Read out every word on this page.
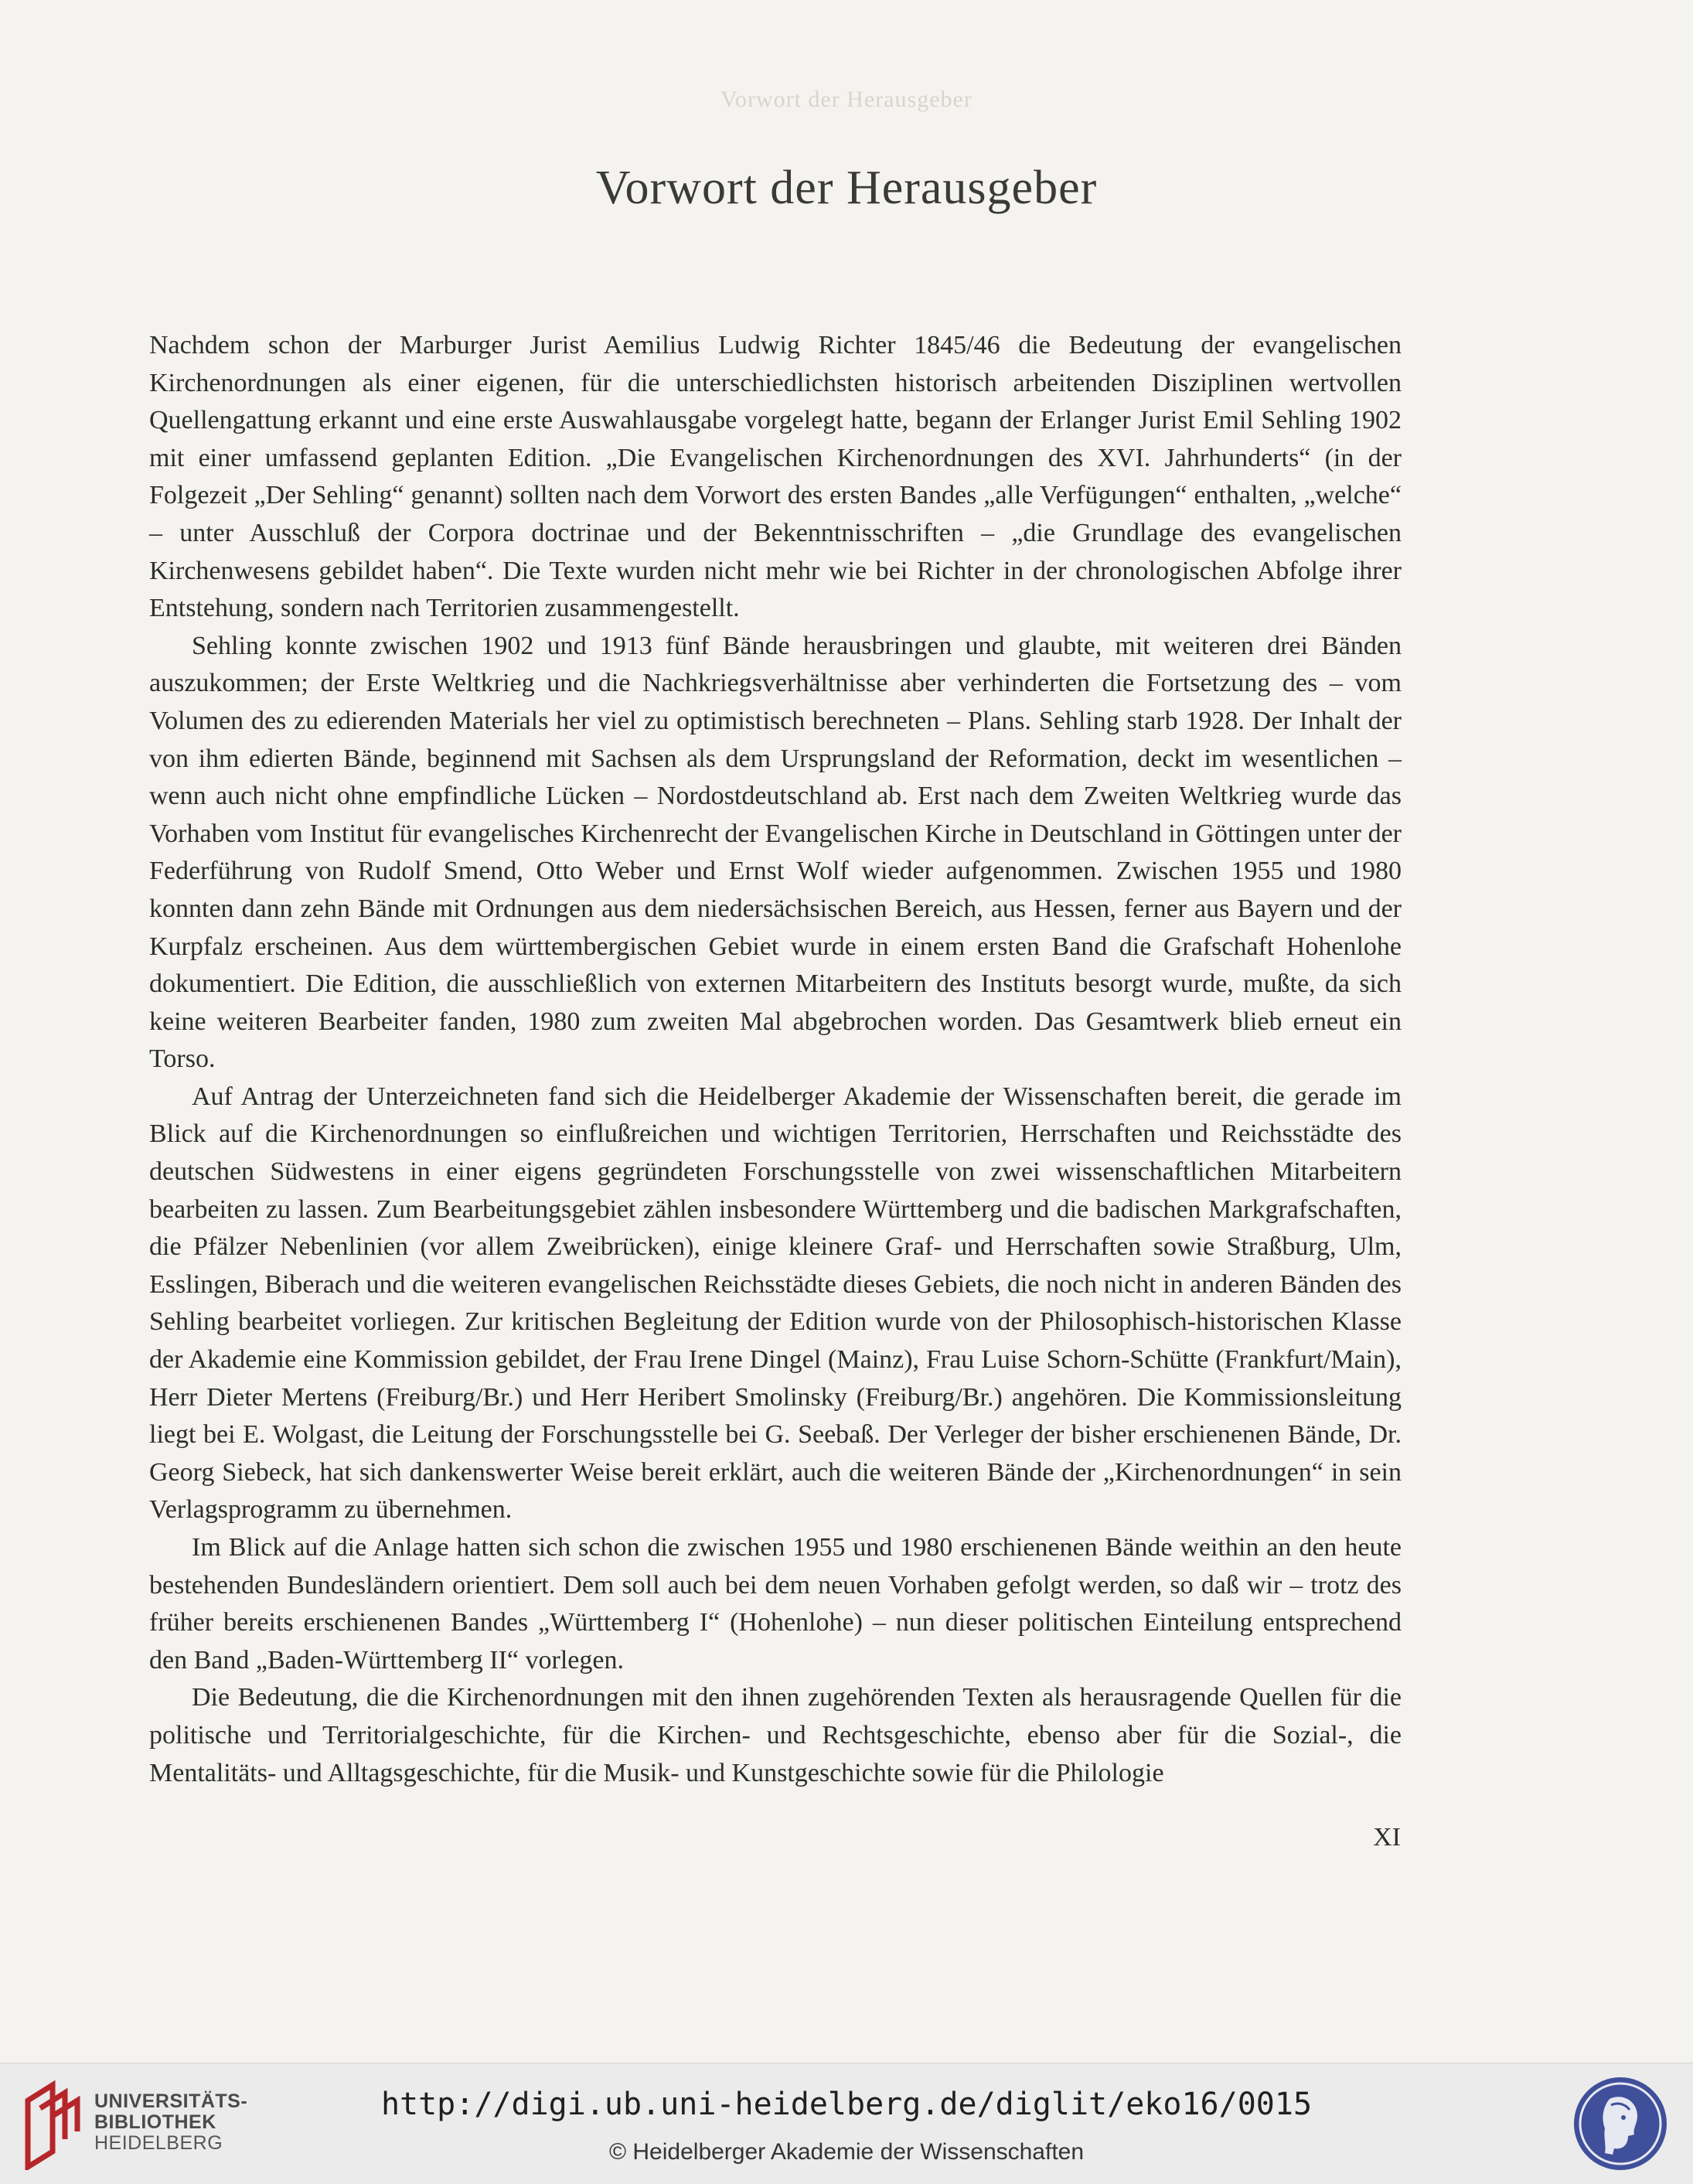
Vorwort der Herausgeber
Vorwort der Herausgeber

Nachdem schon der Marburger Jurist Aemilius Ludwig Richter 1845/46 die Bedeutung der evangelischen Kirchenordnungen als einer eigenen, für die unterschiedlichsten historisch arbeitenden Disziplinen wertvollen Quellengattung erkannt und eine erste Auswahlausgabe vorgelegt hatte, begann der Erlanger Jurist Emil Sehling 1902 mit einer umfassend geplanten Edition. „Die Evangelischen Kirchenordnungen des XVI. Jahrhunderts“ (in der Folgezeit „Der Sehling“ genannt) sollten nach dem Vorwort des ersten Bandes „alle Verfügungen“ enthalten, „welche“ – unter Ausschluß der Corpora doctrinae und der Bekenntnisschriften – „die Grundlage des evangelischen Kirchenwesens gebildet haben“. Die Texte wurden nicht mehr wie bei Richter in der chronologischen Abfolge ihrer Entstehung, sondern nach Territorien zusammengestellt.

Sehling konnte zwischen 1902 und 1913 fünf Bände herausbringen und glaubte, mit weiteren drei Bänden auszukommen; der Erste Weltkrieg und die Nachkriegsverhältnisse aber verhinderten die Fortsetzung des – vom Volumen des zu edierenden Materials her viel zu optimistisch berechneten – Plans. Sehling starb 1928. Der Inhalt der von ihm edierten Bände, beginnend mit Sachsen als dem Ursprungsland der Reformation, deckt im wesentlichen – wenn auch nicht ohne empfindliche Lücken – Nordostdeutschland ab. Erst nach dem Zweiten Weltkrieg wurde das Vorhaben vom Institut für evangelisches Kirchenrecht der Evangelischen Kirche in Deutschland in Göttingen unter der Federführung von Rudolf Smend, Otto Weber und Ernst Wolf wieder aufgenommen. Zwischen 1955 und 1980 konnten dann zehn Bände mit Ordnungen aus dem niedersächsischen Bereich, aus Hessen, ferner aus Bayern und der Kurpfalz erscheinen. Aus dem württembergischen Gebiet wurde in einem ersten Band die Grafschaft Hohenlohe dokumentiert. Die Edition, die ausschließlich von externen Mitarbeitern des Instituts besorgt wurde, mußte, da sich keine weiteren Bearbeiter fanden, 1980 zum zweiten Mal abgebrochen worden. Das Gesamtwerk blieb erneut ein Torso.

Auf Antrag der Unterzeichneten fand sich die Heidelberger Akademie der Wissenschaften bereit, die gerade im Blick auf die Kirchenordnungen so einflußreichen und wichtigen Territorien, Herrschaften und Reichsstädte des deutschen Südwestens in einer eigens gegründeten Forschungsstelle von zwei wissenschaftlichen Mitarbeitern bearbeiten zu lassen. Zum Bearbeitungsgebiet zählen insbesondere Württemberg und die badischen Markgrafschaften, die Pfälzer Nebenlinien (vor allem Zweibrücken), einige kleinere Graf- und Herrschaften sowie Straßburg, Ulm, Esslingen, Biberach und die weiteren evangelischen Reichsstädte dieses Gebiets, die noch nicht in anderen Bänden des Sehling bearbeitet vorliegen. Zur kritischen Begleitung der Edition wurde von der Philosophisch-historischen Klasse der Akademie eine Kommission gebildet, der Frau Irene Dingel (Mainz), Frau Luise Schorn-Schütte (Frankfurt/Main), Herr Dieter Mertens (Freiburg/Br.) und Herr Heribert Smolinsky (Freiburg/Br.) angehören. Die Kommissionsleitung liegt bei E. Wolgast, die Leitung der Forschungsstelle bei G. Seebaß. Der Verleger der bisher erschienenen Bände, Dr. Georg Siebeck, hat sich dankenswerter Weise bereit erklärt, auch die weiteren Bände der „Kirchenordnungen“ in sein Verlagsprogramm zu übernehmen.

Im Blick auf die Anlage hatten sich schon die zwischen 1955 und 1980 erschienenen Bände weithin an den heute bestehenden Bundesländern orientiert. Dem soll auch bei dem neuen Vorhaben gefolgt werden, so daß wir – trotz des früher bereits erschienenen Bandes „Württemberg I“ (Hohenlohe) – nun dieser politischen Einteilung entsprechend den Band „Baden-Württemberg II“ vorlegen.

Die Bedeutung, die die Kirchenordnungen mit den ihnen zugehörenden Texten als herausragende Quellen für die politische und Territorialgeschichte, für die Kirchen- und Rechtsgeschichte, ebenso aber für die Sozial-, die Mentalitäts- und Alltagsgeschichte, für die Musik- und Kunstgeschichte sowie für die Philologie

XI
UNIVERSITÄTS-
BIBLIOTHEK
HEIDELBERG
http://digi.ub.uni-heidelberg.de/diglit/eko16/0015
© Heidelberger Akademie der Wissenschaften
